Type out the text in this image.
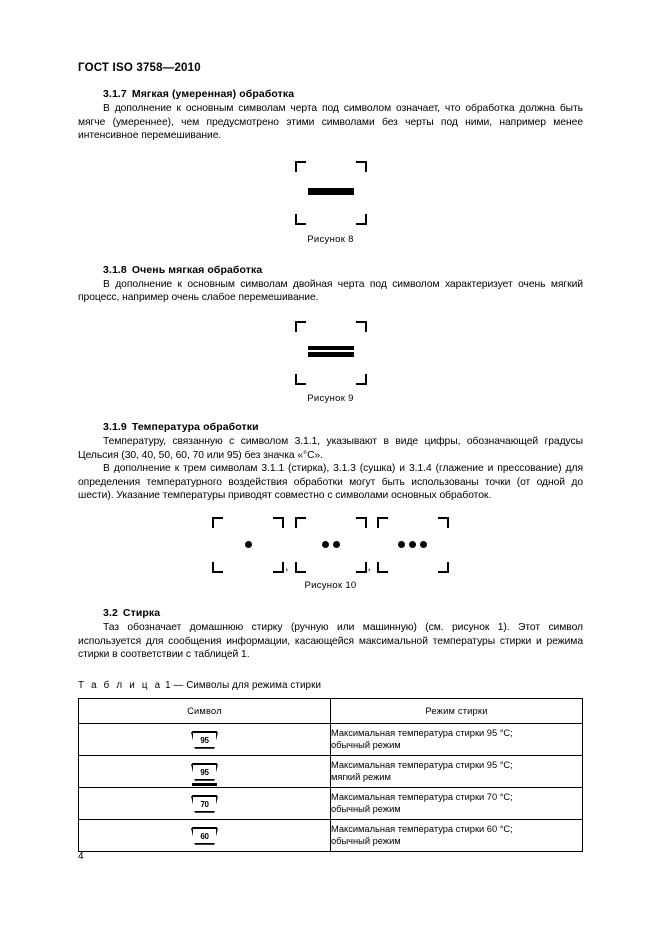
ГОСТ ISO 3758—2010
3.1.7 Мягкая (умеренная) обработка

В дополнение к основным символам черта под символом означает, что обработка должна быть мягче (умереннее), чем предусмотрено этими символами без черты под ними, например менее интенсивное перемешивание.

Рисунок 8
3.1.8 Очень мягкая обработка

В дополнение к основным символам двойная черта под символом характеризует очень мягкий процесс, например очень слабое перемешивание.

Рисунок 9
3.1.9 Температура обработки

Температуру, связанную с символом 3.1.1, указывают в виде цифры, обозначающей градусы Цельсия (30, 40, 50, 60, 70 или 95) без значка «°С».

В дополнение к трем символам 3.1.1 (стирка), 3.1.3 (сушка) и 3.1.4 (глажение и прессование) для определения температурного воздействия обработки могут быть использованы точки (от одной до шести). Указание температуры приводят совместно с символами основных обработок.

,	,
Рисунок 10
3.2 Стирка

Таз обозначает домашнюю стирку (ручную или машинную) (см. рисунок 1). Этот символ используется для сообщения информации, касающейся максимальной температуры стирки и режима стирки в соответствии с таблицей 1.

Т а б л и ц а 1 — Символы для режима стирки
Символ	Режим стирки

95	Максимальная температура стирки 95 °С;
обычный режим

95	Максимальная температура стирки 95 °С;
мягкий режим

70	Максимальная температура стирки 70 °С;
обычный режим

60	Максимальная температура стирки 60 °С;
обычный режим
4
